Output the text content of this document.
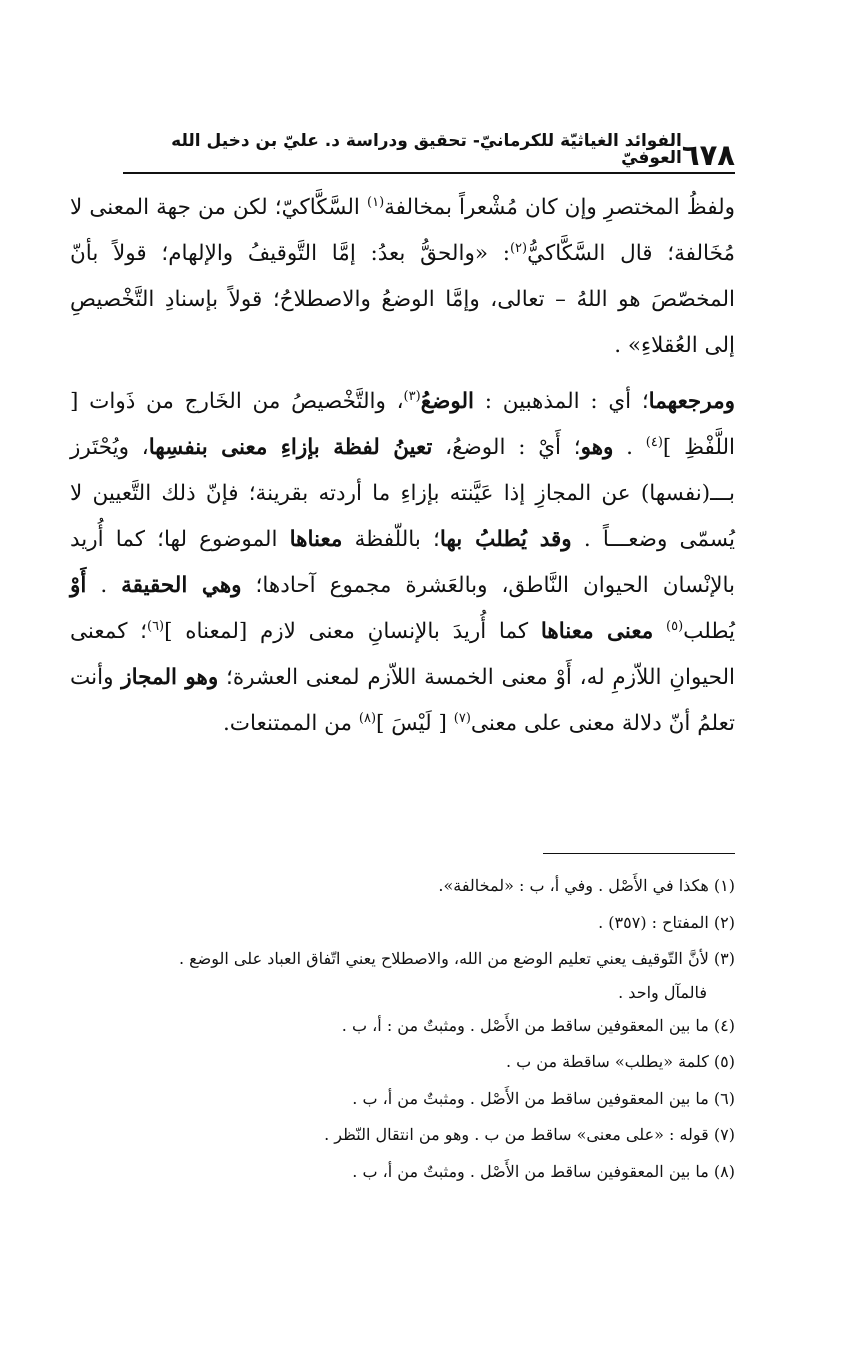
٦٧٨
الفوائد الغياثيّة للكرمانيّ- تحقيق ودراسة د. عليّ بن دخيل الله العوفيّ

ولفظُ المختصرِ وإن كان مُشْعراً بمخالفة$^{(١)}$ السَّكَّاكيّ؛ لكن من جهة المعنى لا مُخَالفة؛ قال السَّكَّاكيُّ$^{(٢)}$: «والحقُّ بعدُ: إمَّا التَّوقيفُ والإلهام؛ قولاً بأنّ المخصّصَ هو اللهُ – تعالى، وإمَّا الوضعُ والاصطلاحُ؛ قولاً بإسنادِ التَّخْصيصِ إلى العُقلاءِ» .

ومرجعهما؛ أي : المذهبين : الوضعُ$^{(٣)}$، والتَّخْصيصُ من الخَارج من ذَوات [ اللَّفْظِ ]$^{(٤)}$ . وهو؛ أَيْ : الوضعُ، تعينُ لفظة بإزاءِ معنى بنفسِها، ويُحْتَرز بـــ(نفسها) عن المجازِ إذا عَيَّنته بإزاءِ ما أردته بقرينة؛ فإنّ ذلك التَّعيين لا يُسمّى وضعـــاً . وقد يُطلبُ بها؛ باللّفظة معناها الموضوع لها؛ كما أُريد بالإنْسان الحيوان النَّاطق، وبالعَشرة مجموع آحادها؛ وهي الحقيقة . أَوْ يُطلب$^{(٥)}$ معنى معناها كما أُريدَ بالإنسانِ معنى لازم [لمعناه ]$^{(٦)}$؛ كمعنى الحيوانِ اللاّزمِ له، أَوْ معنى الخمسة اللاّزم لمعنى العشرة؛ وهو المجاز وأنت تعلمُ أنّ دلالة معنى على معنى$^{(٧)}$ [ لَيْسَ ]$^{(٨)}$ من الممتنعات.

(١) هكذا في الأَصْل . وفي أ، ب : «لمخالفة».

(٢) المفتاح : (٣٥٧) .

(٣) لأنَّ التّوقيف يعني تعليم الوضع من الله، والاصطلاح يعني اتّفاق العباد على الوضع .

فالمآل واحد .

(٤) ما بين المعقوفين ساقط من الأَصْل . ومثبتٌ من : أ، ب .

(٥) كلمة «يطلب» ساقطة من ب .

(٦) ما بين المعقوفين ساقط من الأَصْل . ومثبتٌ من أ، ب .

(٧) قوله : «على معنى» ساقط من ب . وهو من انتقال النّظر .

(٨) ما بين المعقوفين ساقط من الأَصْل . ومثبتٌ من أ، ب .
